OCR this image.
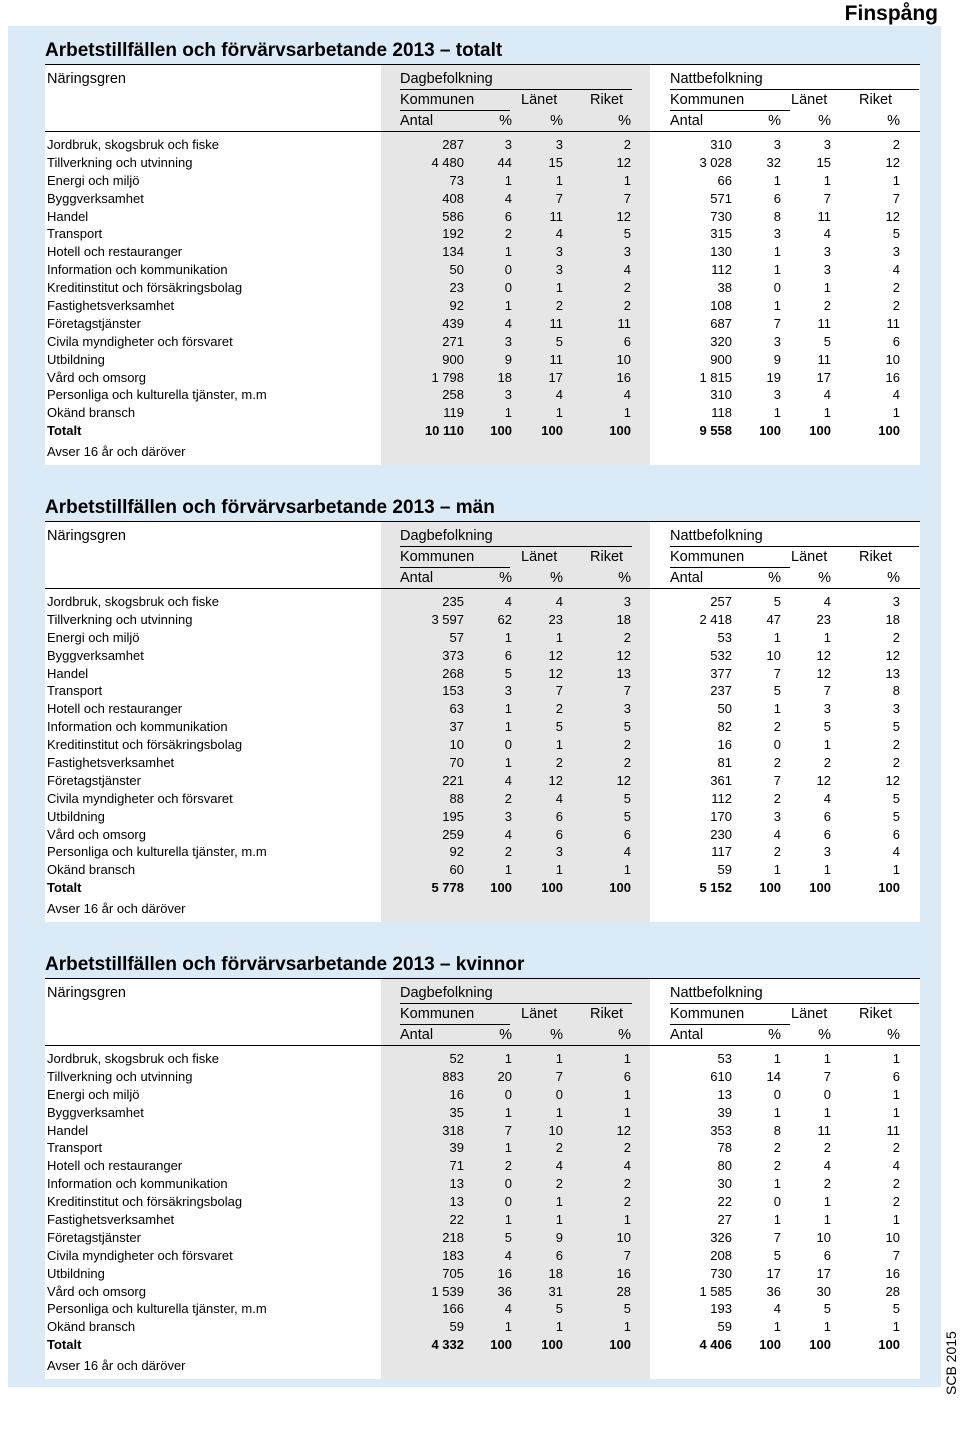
Finspång
Arbetstillfällen och förvärvsarbetande 2013 – totalt
Näringsgren	Dagbefolkning	Nattbefolkning
Kommunen	Länet Riket	Kommunen	Länet Riket
Antal	%	%	%	Antal	%	%	%
Jordbruk, skogsbruk och fiske	287	3	3	2	310	3	3	2
Tillverkning och utvinning	4 480	44	15	12	3 028	32	15	12
Energi och miljö	73	1	1	1	66	1	1	1
Byggverksamhet	408	4	7	7	571	6	7	7
Handel	586	6	11	12	730	8	11	12
Transport	192	2	4	5	315	3	4	5
Hotell och restauranger	134	1	3	3	130	1	3	3
Information och kommunikation	50	0	3	4	112	1	3	4
Kreditinstitut och försäkringsbolag	23	0	1	2	38	0	1	2
Fastighetsverksamhet	92	1	2	2	108	1	2	2
Företagstjänster	439	4	11	11	687	7	11	11
Civila myndigheter och försvaret	271	3	5	6	320	3	5	6
Utbildning	900	9	11	10	900	9	11	10
Vård och omsorg	1 798	18	17	16	1 815	19	17	16
Personliga och kulturella tjänster, m.m	258	3	4	4	310	3	4	4
Okänd bransch	119	1	1	1	118	1	1	1
Totalt	10 110	100	100	100	9 558	100	100	100
Avser 16 år och däröver
Arbetstillfällen och förvärvsarbetande 2013 – män
Näringsgren	Dagbefolkning	Nattbefolkning
Kommunen	Länet Riket	Kommunen	Länet Riket
Antal	%	%	%	Antal	%	%	%
Jordbruk, skogsbruk och fiske	235	4	4	3	257	5	4	3
Tillverkning och utvinning	3 597	62	23	18	2 418	47	23	18
Energi och miljö	57	1	1	2	53	1	1	2
Byggverksamhet	373	6	12	12	532	10	12	12
Handel	268	5	12	13	377	7	12	13
Transport	153	3	7	7	237	5	7	8
Hotell och restauranger	63	1	2	3	50	1	3	3
Information och kommunikation	37	1	5	5	82	2	5	5
Kreditinstitut och försäkringsbolag	10	0	1	2	16	0	1	2
Fastighetsverksamhet	70	1	2	2	81	2	2	2
Företagstjänster	221	4	12	12	361	7	12	12
Civila myndigheter och försvaret	88	2	4	5	112	2	4	5
Utbildning	195	3	6	5	170	3	6	5
Vård och omsorg	259	4	6	6	230	4	6	6
Personliga och kulturella tjänster, m.m	92	2	3	4	117	2	3	4
Okänd bransch	60	1	1	1	59	1	1	1
Totalt	5 778	100	100	100	5 152	100	100	100
Avser 16 år och däröver
Arbetstillfällen och förvärvsarbetande 2013 – kvinnor
Näringsgren	Dagbefolkning	Nattbefolkning
Kommunen	Länet Riket	Kommunen	Länet Riket
Antal	%	%	%	Antal	%	%	%
Jordbruk, skogsbruk och fiske	52	1	1	1	53	1	1	1
Tillverkning och utvinning	883	20	7	6	610	14	7	6
Energi och miljö	16	0	0	1	13	0	0	1
Byggverksamhet	35	1	1	1	39	1	1	1
Handel	318	7	10	12	353	8	11	11
Transport	39	1	2	2	78	2	2	2
Hotell och restauranger	71	2	4	4	80	2	4	4
Information och kommunikation	13	0	2	2	30	1	2	2
Kreditinstitut och försäkringsbolag	13	0	1	2	22	0	1	2
Fastighetsverksamhet	22	1	1	1	27	1	1	1
Företagstjänster	218	5	9	10	326	7	10	10
Civila myndigheter och försvaret	183	4	6	7	208	5	6	7
Utbildning	705	16	18	16	730	17	17	16
Vård och omsorg	1 539	36	31	28	1 585	36	30	28
Personliga och kulturella tjänster, m.m	166	4	5	5	193	4	5	5
Okänd bransch	59	1	1	1	59	1	1	1
Totalt	4 332	100	100	100	4 406	100	100	100
Avser 16 år och däröver	SCB 2015
